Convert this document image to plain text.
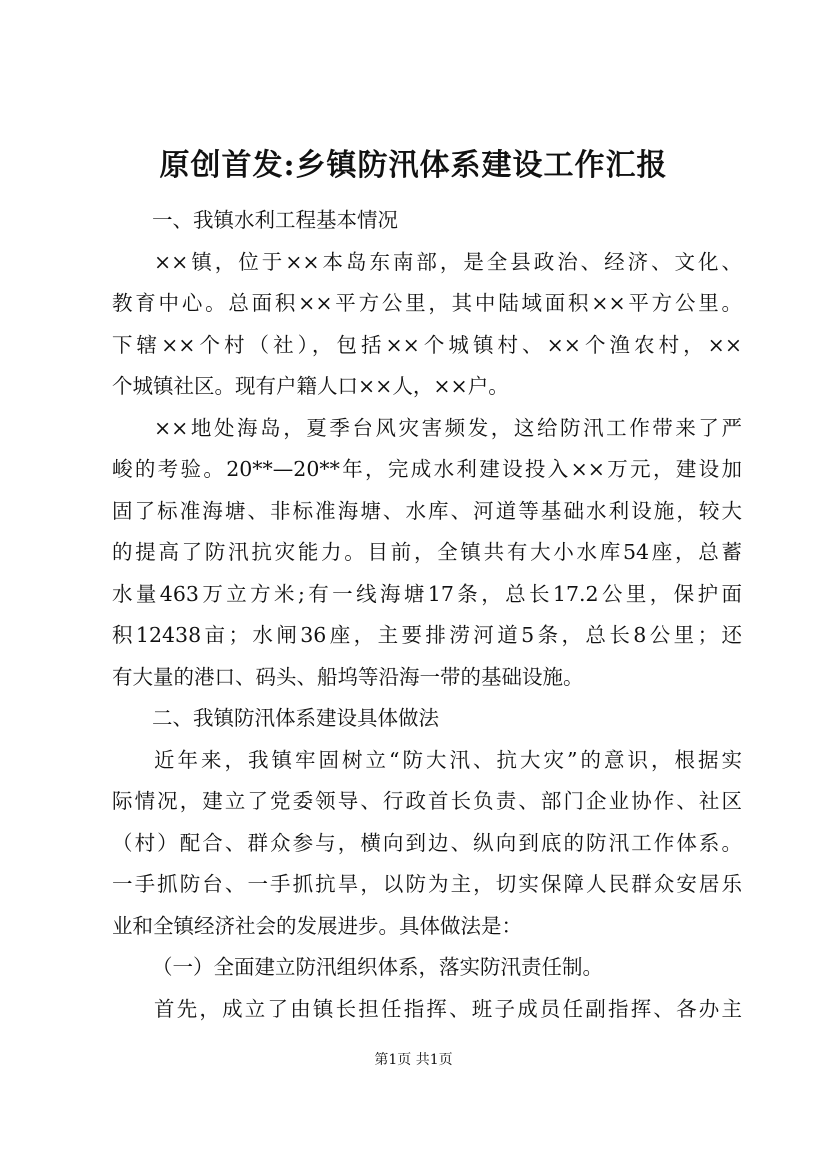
原创首发:乡镇防汛体系建设工作汇报
一、我镇水利工程基本情况
××镇，位于××本岛东南部，是全县政治、经济、文化、
教育中心。总面积××平方公里，其中陆域面积××平方公里。
下辖××个村（社），包括××个城镇村、××个渔农村，××
个城镇社区。现有户籍人口××人，××户。
××地处海岛，夏季台风灾害频发，这给防汛工作带来了严
峻的考验。20**—20**年，完成水利建设投入××万元，建设加
固了标准海塘、非标准海塘、水库、河道等基础水利设施，较大
的提高了防汛抗灾能力。目前，全镇共有大小水库54座，总蓄
水量463万立方米;有一线海塘17条，总长17.2公里，保护面
积12438亩；水闸36座，主要排涝河道5条，总长8公里；还
有大量的港口、码头、船坞等沿海一带的基础设施。
二、我镇防汛体系建设具体做法
近年来，我镇牢固树立“防大汛、抗大灾”的意识，根据实
际情况，建立了党委领导、行政首长负责、部门企业协作、社区
（村）配合、群众参与，横向到边、纵向到底的防汛工作体系。
一手抓防台、一手抓抗旱，以防为主，切实保障人民群众安居乐
业和全镇经济社会的发展进步。具体做法是：
（一）全面建立防汛组织体系，落实防汛责任制。
首先，成立了由镇长担任指挥、班子成员任副指挥、各办主
第1页 共1页
